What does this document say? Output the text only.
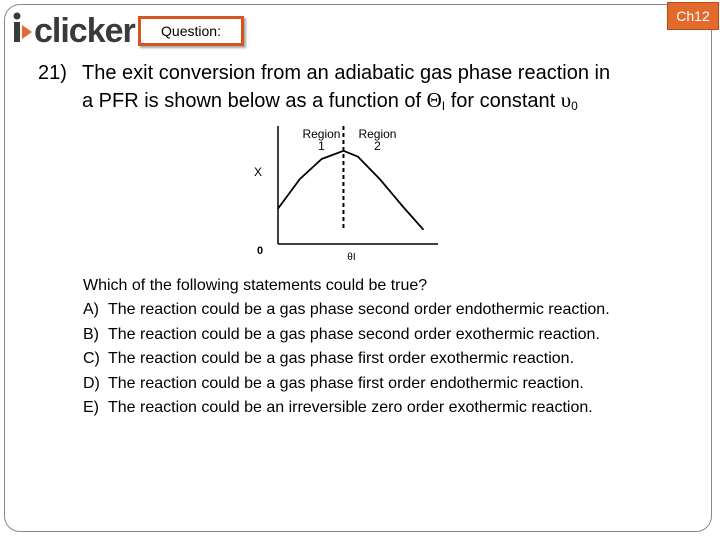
clicker Question:
Ch12
21) The exit conversion from an adiabatic gas phase reaction in
a PFR is shown below as a function of $\Theta_I$ for constant $\upsilon_0$
Region
1
Region
2
X
0
θI
Which of the following statements could be true?
A) The reaction could be a gas phase second order endothermic reaction.
B) The reaction could be a gas phase second order exothermic reaction.
C) The reaction could be a gas phase first order exothermic reaction.
D) The reaction could be a gas phase first order endothermic reaction.
E) The reaction could be an irreversible zero order exothermic reaction.
